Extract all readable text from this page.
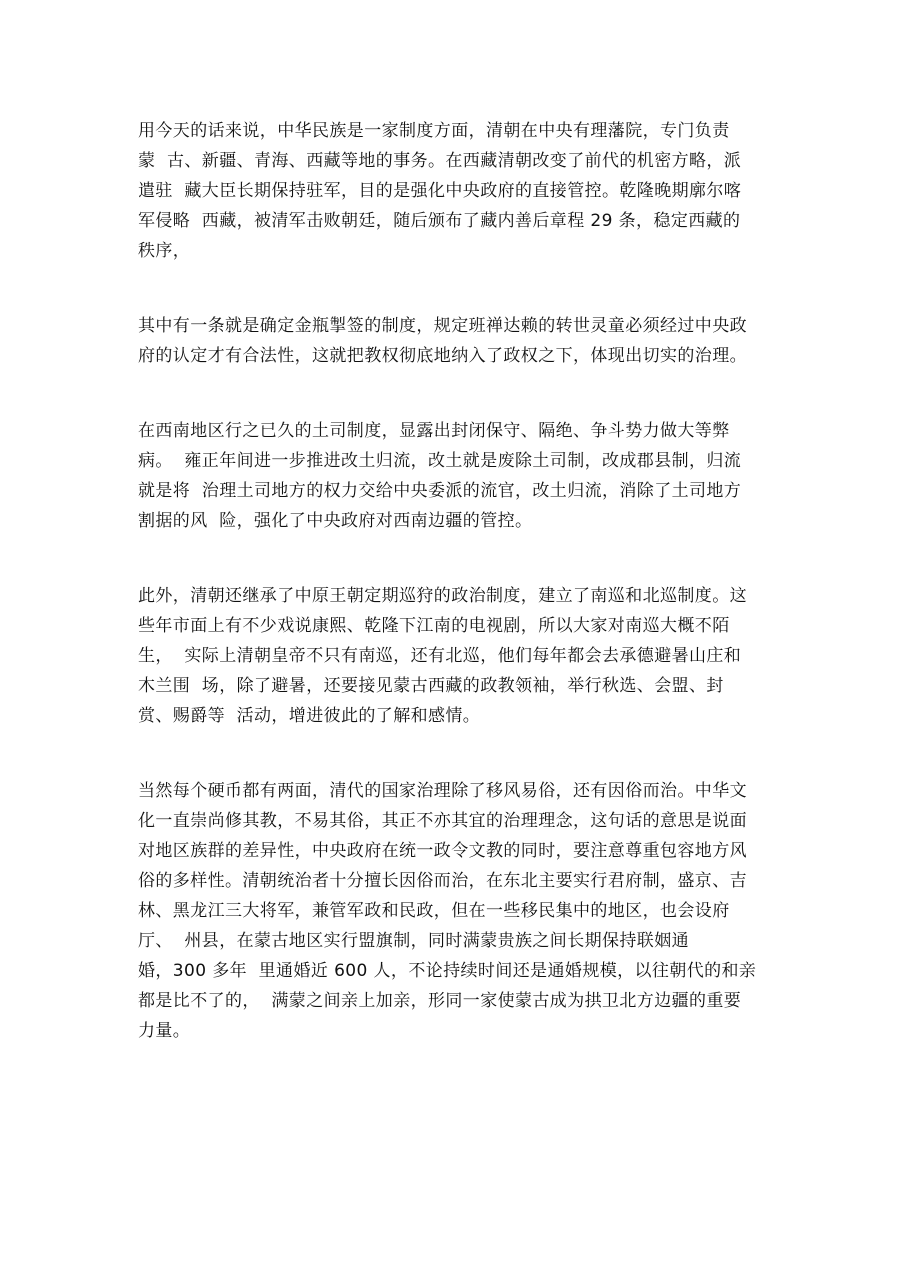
用今天的话来说，中华民族是一家制度方面，清朝在中央有理藩院，专门负责
蒙  古、新疆、青海、西藏等地的事务。在西藏清朝改变了前代的机密方略，派
遣驻  藏大臣长期保持驻军，目的是强化中央政府的直接管控。乾隆晚期廓尔喀
军侵略  西藏，被清军击败朝廷，随后颁布了藏内善后章程 29 条，稳定西藏的
秩序，
其中有一条就是确定金瓶掣签的制度，规定班禅达赖的转世灵童必须经过中央政
府的认定才有合法性，这就把教权彻底地纳入了政权之下，体现出切实的治理。
在西南地区行之已久的土司制度，显露出封闭保守、隔绝、争斗势力做大等弊
病。  雍正年间进一步推进改土归流，改土就是废除土司制，改成郡县制，归流
就是将  治理土司地方的权力交给中央委派的流官，改土归流，消除了土司地方
割据的风  险，强化了中央政府对西南边疆的管控。
此外，清朝还继承了中原王朝定期巡狩的政治制度，建立了南巡和北巡制度。这
些年市面上有不少戏说康熙、乾隆下江南的电视剧，所以大家对南巡大概不陌
生，  实际上清朝皇帝不只有南巡，还有北巡，他们每年都会去承德避暑山庄和
木兰围  场，除了避暑，还要接见蒙古西藏的政教领袖，举行秋选、会盟、封
赏、赐爵等  活动，增进彼此的了解和感情。
当然每个硬币都有两面，清代的国家治理除了移风易俗，还有因俗而治。中华文
化一直崇尚修其教，不易其俗，其正不亦其宜的治理理念，这句话的意思是说面
对地区族群的差异性，中央政府在统一政令文教的同时，要注意尊重包容地方风
俗的多样性。清朝统治者十分擅长因俗而治，在东北主要实行君府制，盛京、吉
林、黑龙江三大将军，兼管军政和民政，但在一些移民集中的地区，也会设府
厅、  州县，在蒙古地区实行盟旗制，同时满蒙贵族之间长期保持联姻通
婚，300 多年  里通婚近 600 人，不论持续时间还是通婚规模，以往朝代的和亲
都是比不了的，  满蒙之间亲上加亲，形同一家使蒙古成为拱卫北方边疆的重要
力量。
